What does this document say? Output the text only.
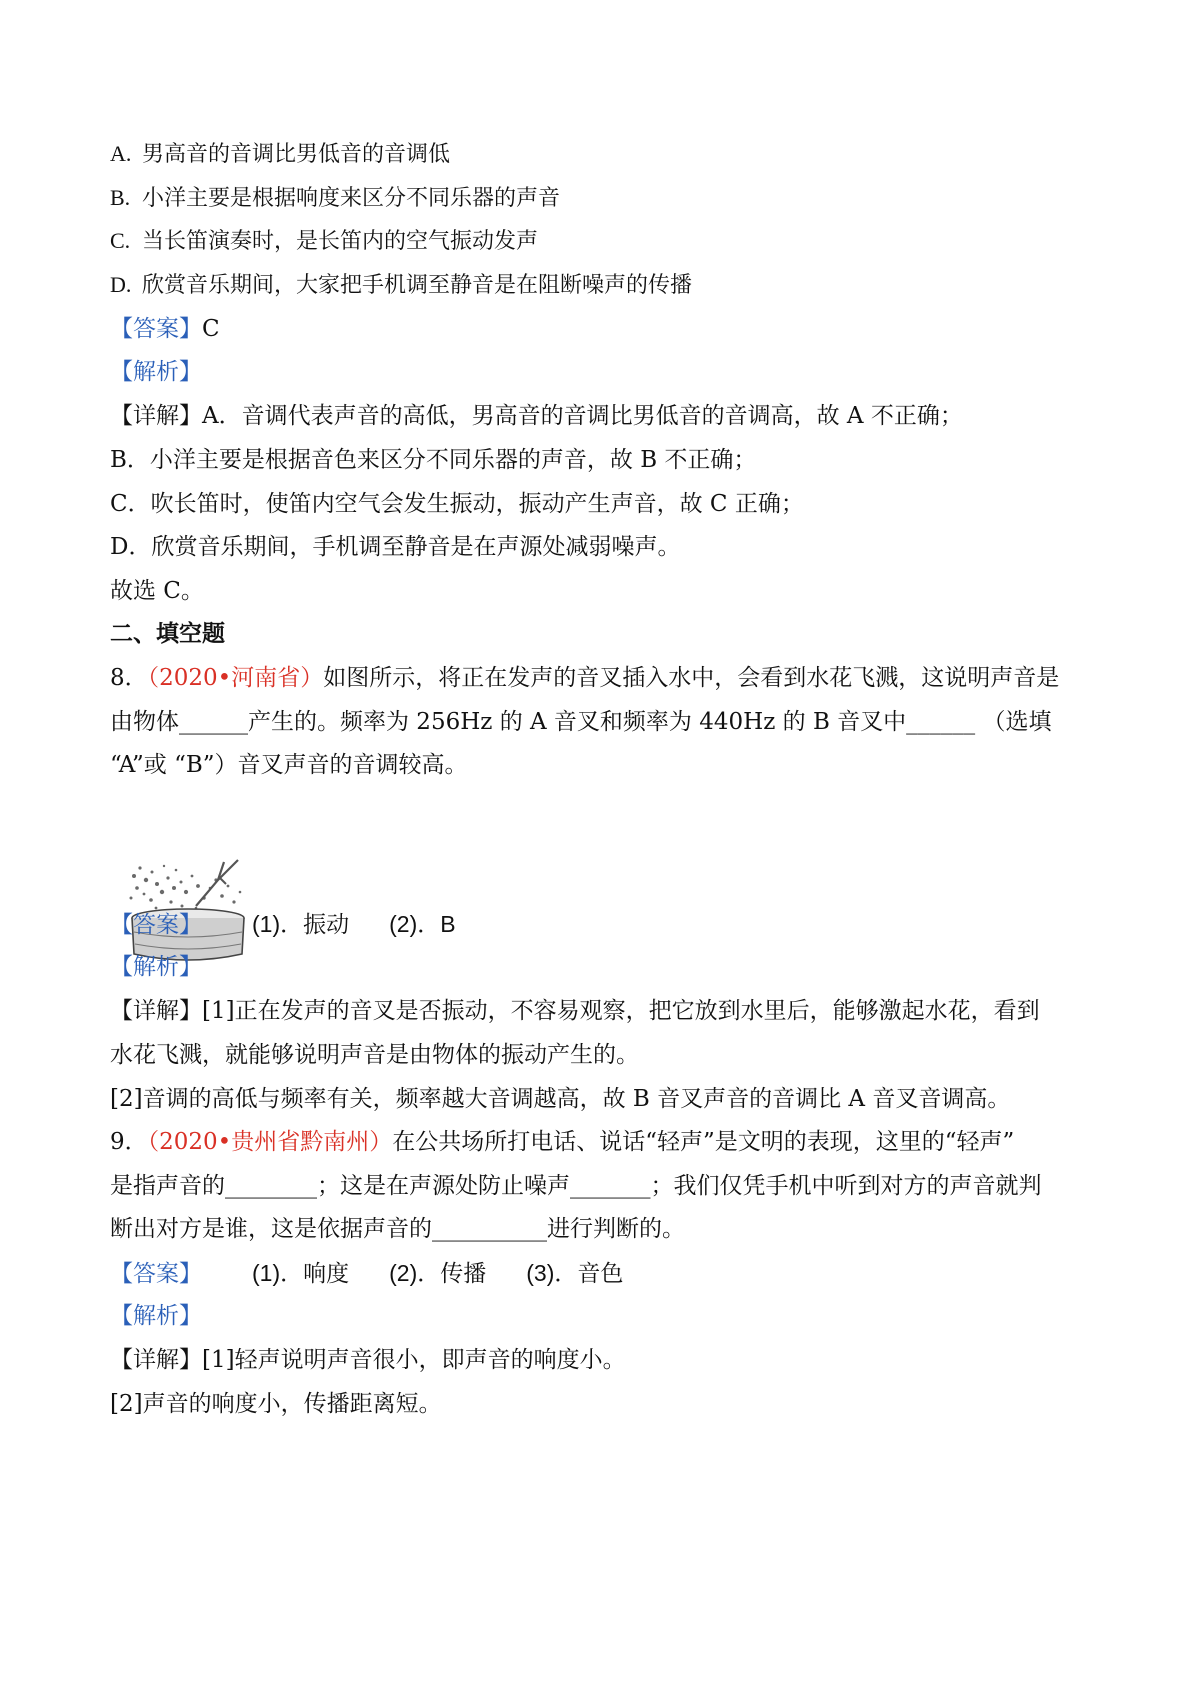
A. 男高音的音调比男低音的音调低
B. 小洋主要是根据响度来区分不同乐器的声音
C. 当长笛演奏时，是长笛内的空气振动发声
D. 欣赏音乐期间，大家把手机调至静音是在阻断噪声的传播
【答案】C
【解析】
【详解】A．音调代表声音的高低，男高音的音调比男低音的音调高，故 A 不正确；
B．小洋主要是根据音色来区分不同乐器的声音，故 B 不正确；
C．吹长笛时，使笛内空气会发生振动，振动产生声音，故 C 正确；
D．欣赏音乐期间，手机调至静音是在声源处减弱噪声。
故选 C。
二、填空题
8．（2020•河南省）如图所示，将正在发声的音叉插入水中，会看到水花飞溅，这说明声音是
由物体______产生的。频率为 256Hz 的 A 音叉和频率为 440Hz 的 B 音叉中______ （选填
“A”或 “B”）音叉声音的音调较高。
【答案】 (1)．振动 (2)．B
【解析】
【详解】[1]正在发声的音叉是否振动，不容易观察，把它放到水里后，能够激起水花，看到
水花飞溅，就能够说明声音是由物体的振动产生的。
[2]音调的高低与频率有关，频率越大音调越高，故 B 音叉声音的音调比 A 音叉音调高。
9．（2020•贵州省黔南州）在公共场所打电话、说话“轻声”是文明的表现，这里的“轻声”
是指声音的________；这是在声源处防止噪声_______；我们仅凭手机中听到对方的声音就判
断出对方是谁，这是依据声音的__________进行判断的。
【答案】 (1)．响度 (2)．传播 (3)．音色
【解析】
【详解】[1]轻声说明声音很小，即声音的响度小。
[2]声音的响度小，传播距离短。
